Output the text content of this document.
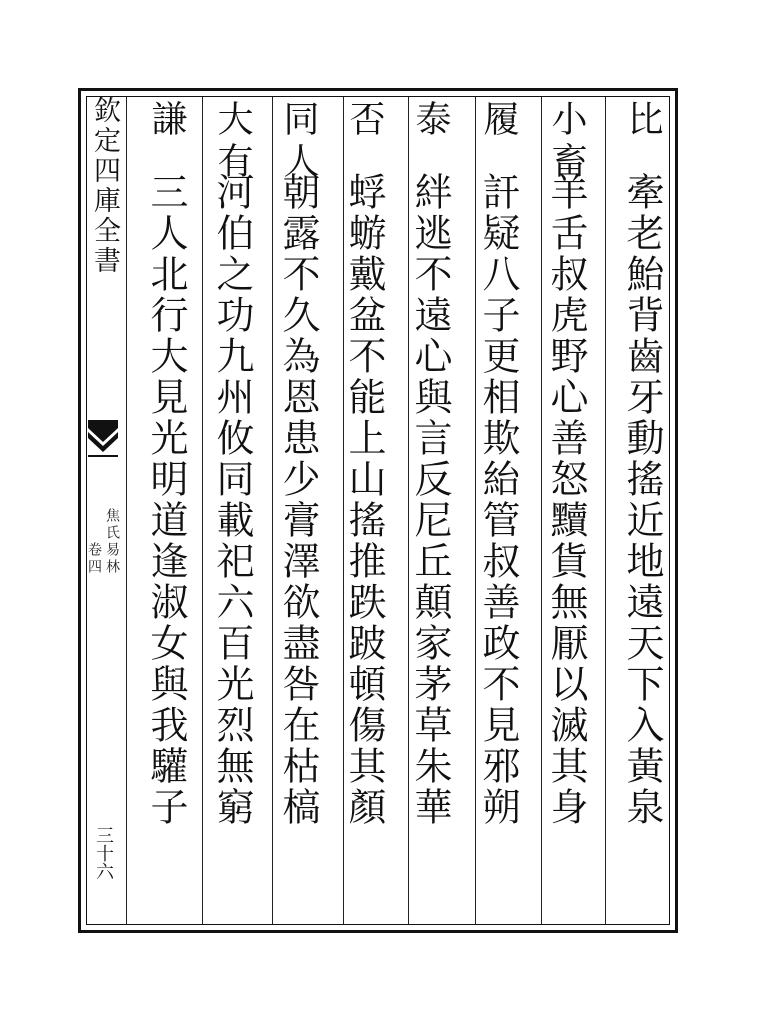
欽定四庫全書
焦氏易林
卷四
三十六
比
牽老鮐背齒牙動搖近地遠天下入黃泉
小畜
羊舌叔虎野心善怒黷貨無厭以滅其身
履
訐疑八子更相欺紿管叔善政不見邪朔
泰
絆逃不遠心與言反尼丘顛家茅草朱華
否
蜉蝣戴盆不能上山搖推跌跛頓傷其顏
同人
朝露不久為恩患少膏澤欲盡咎在枯槁
大有
河伯之功九州攸同載祀六百光烈無窮
謙
三人北行大見光明道逢淑女與我驩子
